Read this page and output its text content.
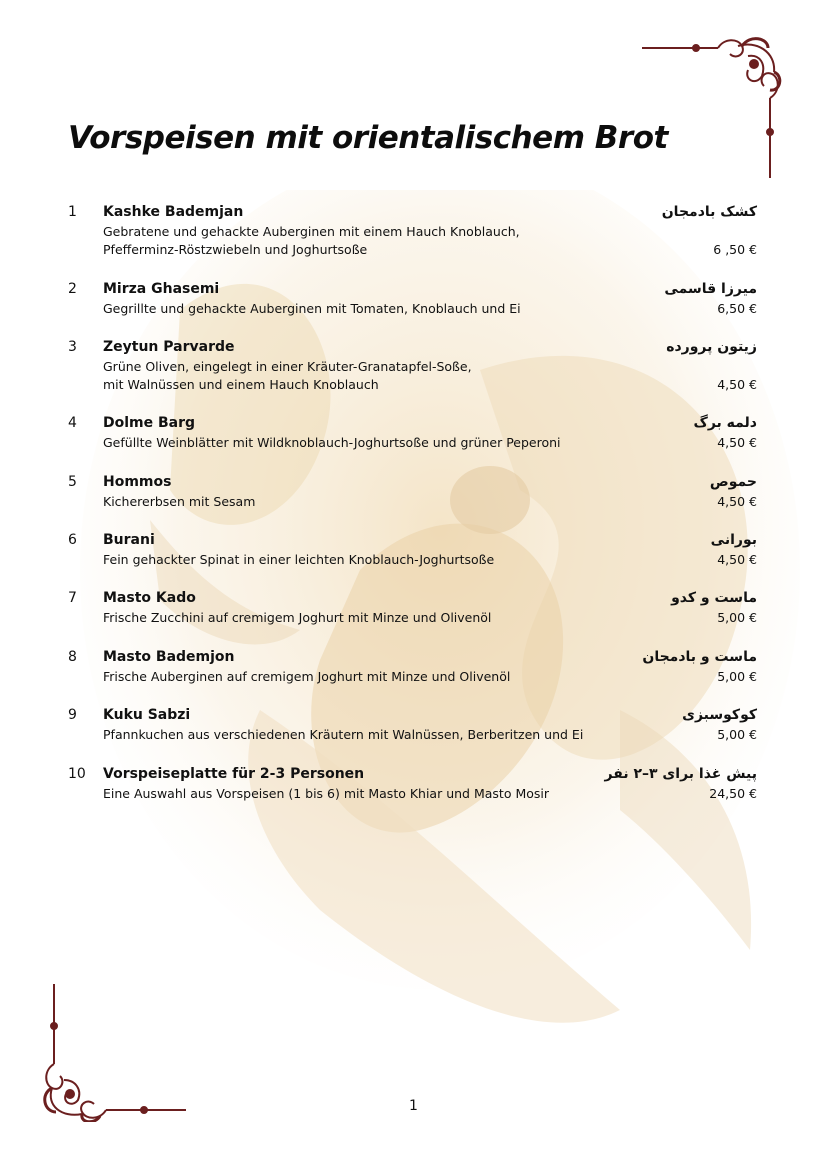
Vorspeisen mit orientalischem Brot
1 Kashke Bademjan
Gebratene und gehackte Auberginen mit einem Hauch Knoblauch,
Pfefferminz-Röstzwiebeln und Joghurtsoße
کشک بادمجان
6 ,50 €
2 Mirza Ghasemi
Gegrillte und gehackte Auberginen mit Tomaten, Knoblauch und Ei
میرزا قاسمی
6,50 €
3 Zeytun Parvarde
Grüne Oliven, eingelegt in einer Kräuter-Granatapfel-Soße,
mit Walnüssen und einem Hauch Knoblauch
زیتون پرورده
4,50 €
4 Dolme Barg
Gefüllte Weinblätter mit Wildknoblauch-Joghurtsoße und grüner Peperoni
دلمه برگ
4,50 €
5 Hommos
Kichererbsen mit Sesam
حموص
4,50 €
6 Burani
Fein gehackter Spinat in einer leichten Knoblauch-Joghurtsoße
بورانی
4,50 €
7 Masto Kado
Frische Zucchini auf cremigem Joghurt mit Minze und Olivenöl
ماست و کدو
5,00 €
8 Masto Bademjon
Frische Auberginen auf cremigem Joghurt mit Minze und Olivenöl
ماست و بادمجان
5,00 €
9 Kuku Sabzi
Pfannkuchen aus verschiedenen Kräutern mit Walnüssen, Berberitzen und Ei
کوکوسبزی
5,00 €
10 Vorspeiseplatte für 2-3 Personen
Eine Auswahl aus Vorspeisen (1 bis 6) mit Masto Khiar und Masto Mosir
پیش غذا برای ۳–۲ نفر
24,50 €
1
